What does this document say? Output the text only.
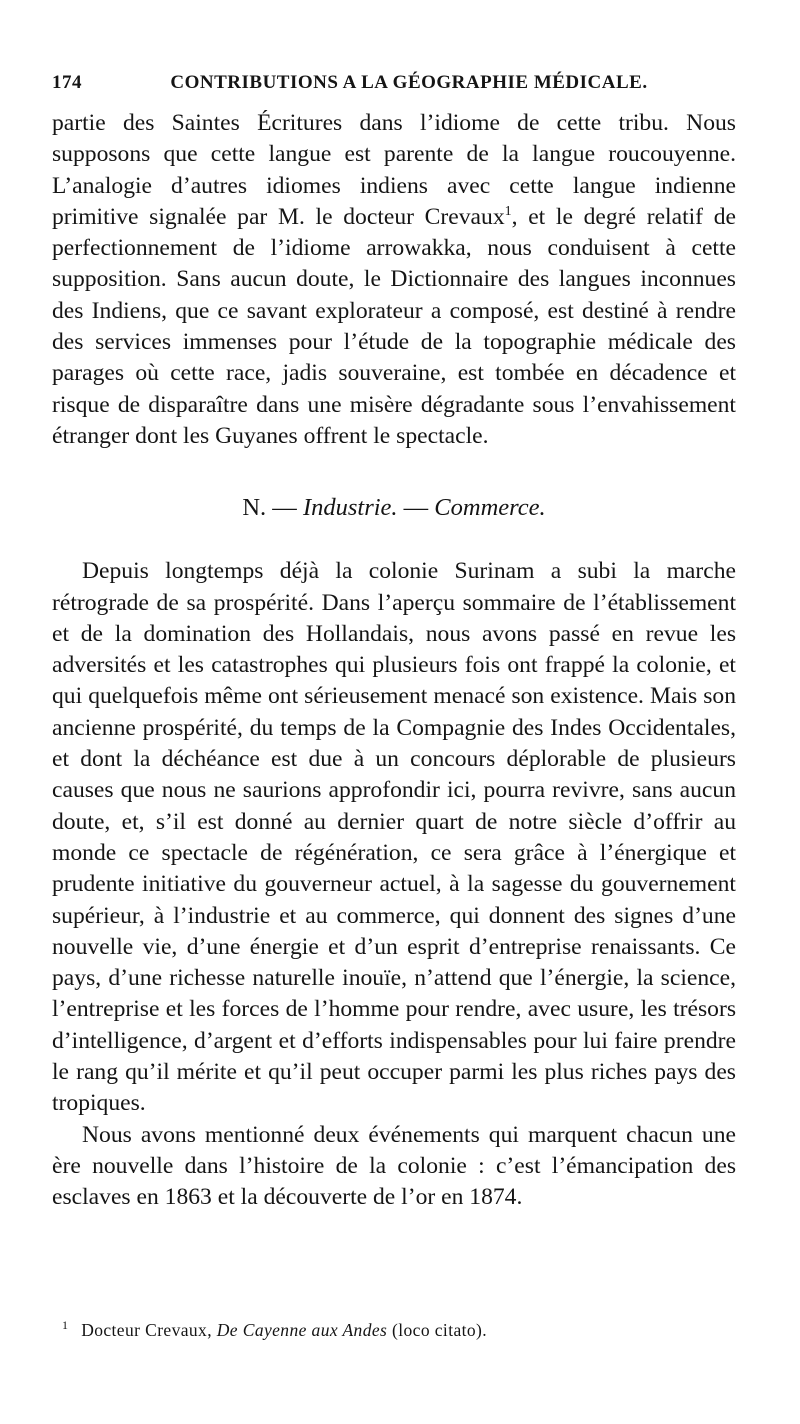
174	CONTRIBUTIONS A LA GÉOGRAPHIE MÉDICALE.

partie des Saintes Écritures dans l’idiome de cette tribu. Nous supposons que cette langue est parente de la langue roucouyenne. L’analogie d’autres idiomes indiens avec cette langue indienne primitive signalée par M. le docteur Crevaux$^1$, et le degré relatif de perfectionnement de l’idiome arrowakka, nous conduisent à cette supposition. Sans aucun doute, le Dictionnaire des langues inconnues des Indiens, que ce savant explorateur a composé, est destiné à rendre des services immenses pour l’étude de la topographie médicale des parages où cette race, jadis souveraine, est tombée en décadence et risque de disparaître dans une misère dégradante sous l’envahissement étranger dont les Guyanes offrent le spectacle.

N. — Industrie. — Commerce.

Depuis longtemps déjà la colonie Surinam a subi la marche rétrograde de sa prospérité. Dans l’aperçu sommaire de l’établissement et de la domination des Hollandais, nous avons passé en revue les adversités et les catastrophes qui plusieurs fois ont frappé la colonie, et qui quelquefois même ont sérieusement menacé son existence. Mais son ancienne prospérité, du temps de la Compagnie des Indes Occidentales, et dont la déchéance est due à un concours déplorable de plusieurs causes que nous ne saurions approfondir ici, pourra revivre, sans aucun doute, et, s’il est donné au dernier quart de notre siècle d’offrir au monde ce spectacle de régénération, ce sera grâce à l’énergique et prudente initiative du gouverneur actuel, à la sagesse du gouvernement supérieur, à l’industrie et au commerce, qui donnent des signes d’une nouvelle vie, d’une énergie et d’un esprit d’entreprise renaissants. Ce pays, d’une richesse naturelle inouïe, n’attend que l’énergie, la science, l’entreprise et les forces de l’homme pour rendre, avec usure, les trésors d’intelligence, d’argent et d’efforts indispensables pour lui faire prendre le rang qu’il mérite et qu’il peut occuper parmi les plus riches pays des tropiques.

Nous avons mentionné deux événements qui marquent chacun une ère nouvelle dans l’histoire de la colonie : c’est l’émancipation des esclaves en 1863 et la découverte de l’or en 1874.

$^1$ Docteur Crevaux, De Cayenne aux Andes (loco citato).
